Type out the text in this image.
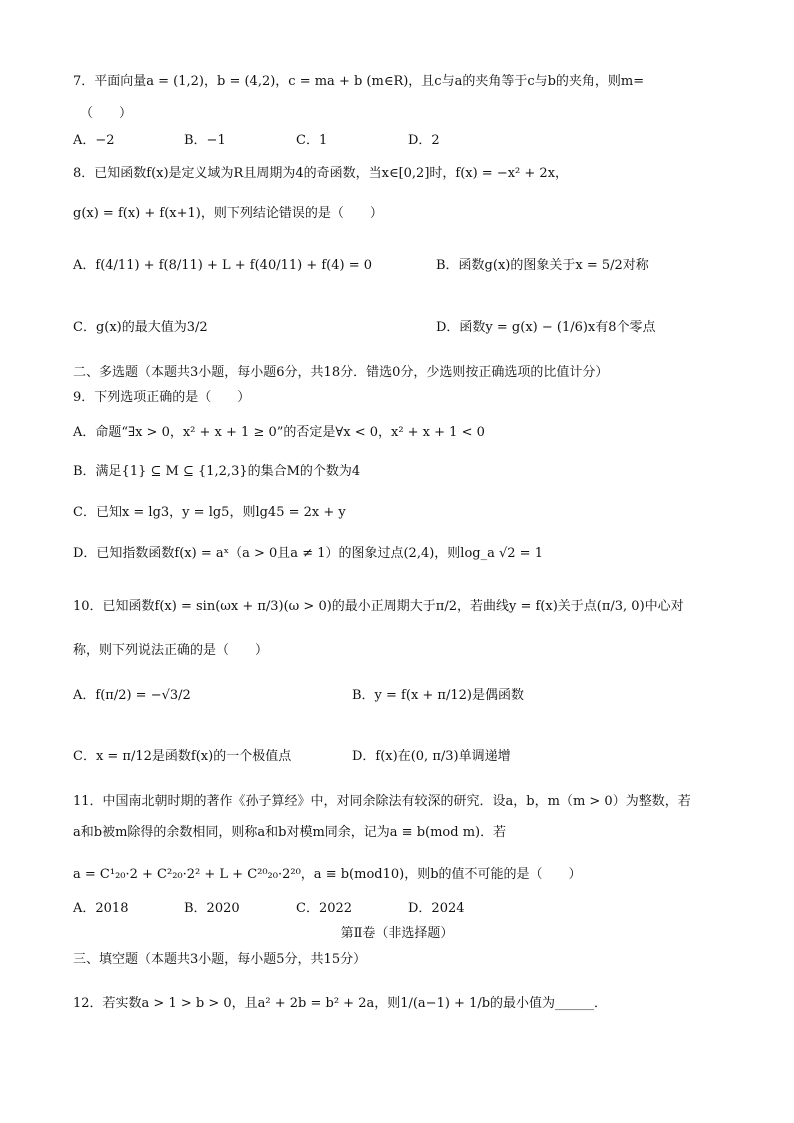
7．平面向量a = (1,2)，b = (4,2)，c = ma + b (m∈R)，且c与a的夹角等于c与b的夹角，则m=
（　　）
A．−2	B．−1	C．1	D．2
8．已知函数f(x)是定义域为R且周期为4的奇函数，当x∈[0,2]时，f(x) = −x² + 2x，
g(x) = f(x) + f(x+1)，则下列结论错误的是（　　）
A．f(4/11) + f(8/11) + L + f(40/11) + f(4) = 0	B．函数g(x)的图象关于x = 5/2对称
C．g(x)的最大值为3/2	D．函数y = g(x) − (1/6)x有8个零点
二、多选题（本题共3小题，每小题6分，共18分．错选0分，少选则按正确选项的比值计分）
9．下列选项正确的是（　　）
A．命题“∃x > 0，x² + x + 1 ≥ 0”的否定是∀x < 0，x² + x + 1 < 0
B．满足{1} ⊆ M ⊆ {1,2,3}的集合M的个数为4
C．已知x = lg3，y = lg5，则lg45 = 2x + y
D．已知指数函数f(x) = aˣ（a > 0且a ≠ 1）的图象过点(2,4)，则log_a √2 = 1
10．已知函数f(x) = sin(ωx + π/3)(ω > 0)的最小正周期大于π/2，若曲线y = f(x)关于点(π/3, 0)中心对
称，则下列说法正确的是（　　）
A．f(π/2) = −√3/2	B．y = f(x + π/12)是偶函数
C．x = π/12是函数f(x)的一个极值点	D．f(x)在(0, π/3)单调递增
11．中国南北朝时期的著作《孙子算经》中，对同余除法有较深的研究．设a，b，m（m > 0）为整数，若
a和b被m除得的余数相同，则称a和b对模m同余，记为a ≡ b(mod m)．若
a = C¹₂₀·2 + C²₂₀·2² + L + C²⁰₂₀·2²⁰，a ≡ b(mod10)，则b的值不可能的是（　　）
A．2018	B．2020	C．2022	D．2024
第Ⅱ卷（非选择题）
三、填空题（本题共3小题，每小题5分，共15分）
12．若实数a > 1 > b > 0，且a² + 2b = b² + 2a，则1/(a−1) + 1/b的最小值为______．
